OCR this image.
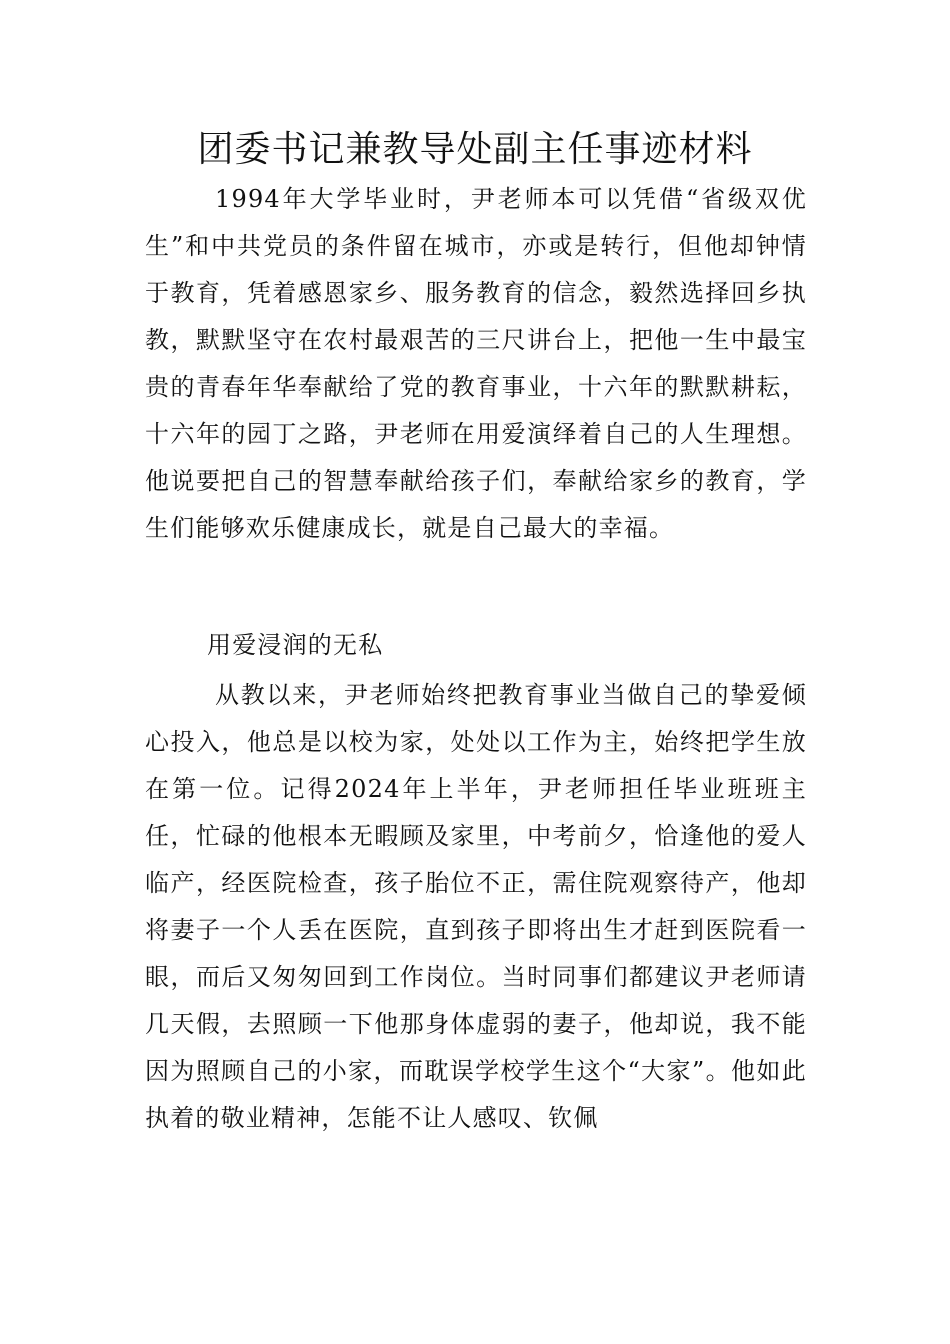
团委书记兼教导处副主任事迹材料

1994年大学毕业时，尹老师本可以凭借“省级双优生”和中共党员的条件留在城市，亦或是转行，但他却钟情于教育，凭着感恩家乡、服务教育的信念，毅然选择回乡执教，默默坚守在农村最艰苦的三尺讲台上，把他一生中最宝贵的青春年华奉献给了党的教育事业，十六年的默默耕耘，十六年的园丁之路，尹老师在用爱演绎着自己的人生理想。他说要把自己的智慧奉献给孩子们，奉献给家乡的教育，学生们能够欢乐健康成长，就是自己最大的幸福。

用爱浸润的无私

从教以来，尹老师始终把教育事业当做自己的挚爱倾心投入，他总是以校为家，处处以工作为主，始终把学生放在第一位。记得2024年上半年，尹老师担任毕业班班主任，忙碌的他根本无暇顾及家里，中考前夕，恰逢他的爱人临产，经医院检查，孩子胎位不正，需住院观察待产，他却将妻子一个人丢在医院，直到孩子即将出生才赶到医院看一眼，而后又匆匆回到工作岗位。当时同事们都建议尹老师请几天假，去照顾一下他那身体虚弱的妻子，他却说，我不能因为照顾自己的小家，而耽误学校学生这个“大家”。他如此执着的敬业精神，怎能不让人感叹、钦佩
